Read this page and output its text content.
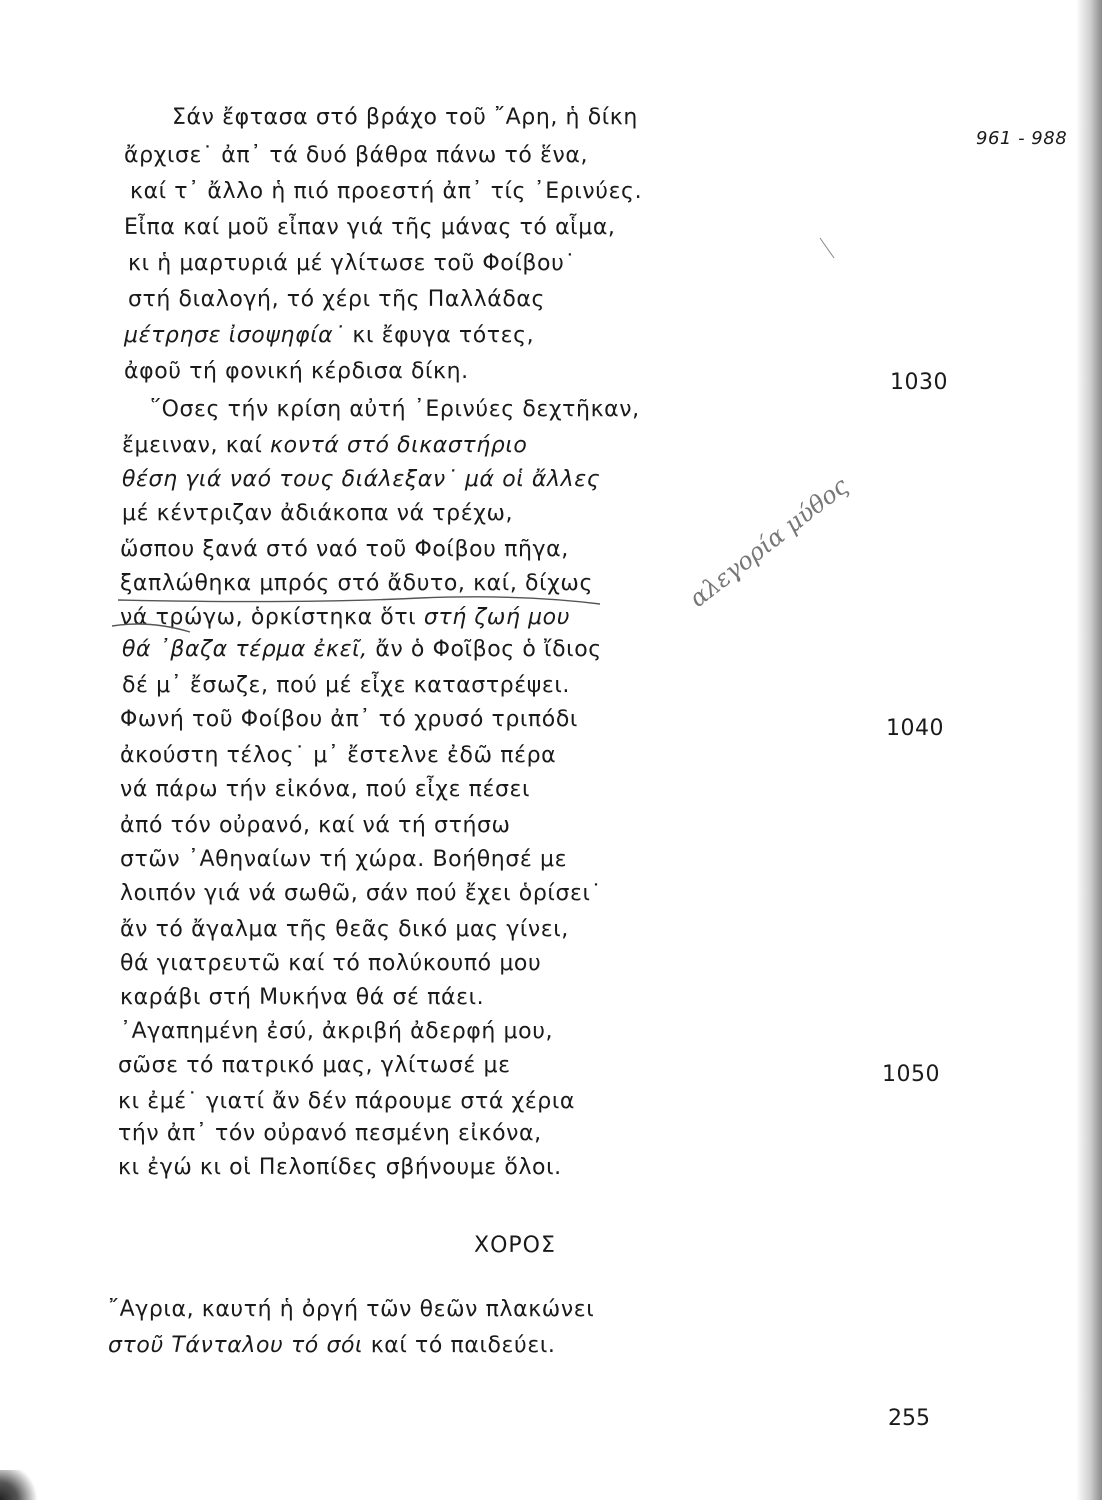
961 - 988
Σάν ἔφτασα στό βράχο τοῦ ῎Αρη, ἡ δίκη
ἄρχισε˙ ἀπ᾽ τά δυό βάθρα πάνω τό ἕνα,
καί τ᾽ ἄλλο ἡ πιό προεστή ἀπ᾽ τίς ᾽Ερινύες.
Εἶπα καί μοῦ εἶπαν γιά τῆς μάνας τό αἷμα,
κι ἡ μαρτυριά μέ γλίτωσε τοῦ Φοίβου˙
στή διαλογή, τό χέρι τῆς Παλλάδας
μέτρησε ἰσοψηφία˙ κι ἔφυγα τότες,
ἀφοῦ τή φονική κέρδισα δίκη.
῞Οσες τήν κρίση αὐτή ᾽Ερινύες δεχτῆκαν,
ἔμειναν, καί κοντά στό δικαστήριο
θέση γιά ναό τους διάλεξαν˙ μά οἱ ἄλλες
μέ κέντριζαν ἀδιάκοπα νά τρέχω,
ὥσπου ξανά στό ναό τοῦ Φοίβου πῆγα,
ξαπλώθηκα μπρός στό ἄδυτο, καί, δίχως
νά τρώγω, ὁρκίστηκα ὅτι στή ζωή μου
θά ᾽βαζα τέρμα ἐκεῖ, ἄν ὁ Φοῖβος ὁ ἴδιος
δέ μ᾽ ἔσωζε, πού μέ εἶχε καταστρέψει.
Φωνή τοῦ Φοίβου ἀπ᾽ τό χρυσό τριπόδι
ἀκούστη τέλος˙ μ᾽ ἔστελνε ἐδῶ πέρα
νά πάρω τήν εἰκόνα, πού εἶχε πέσει
ἀπό τόν οὐρανό, καί νά τή στήσω
στῶν ᾽Αθηναίων τή χώρα. Βοήθησέ με
λοιπόν γιά νά σωθῶ, σάν πού ἔχει ὁρίσει˙
ἄν τό ἄγαλμα τῆς θεᾶς δικό μας γίνει,
θά γιατρευτῶ καί τό πολύκουπό μου
καράβι στή Μυκήνα θά σέ πάει.
᾽Αγαπημένη ἐσύ, ἀκριβή ἀδερφή μου,
σῶσε τό πατρικό μας, γλίτωσέ με
κι ἐμέ˙ γιατί ἄν δέν πάρουμε στά χέρια
τήν ἀπ᾽ τόν οὐρανό πεσμένη εἰκόνα,
κι ἐγώ κι οἱ Πελοπίδες σβήνουμε ὅλοι.
1030
1040
1050
ΧΟΡΟΣ
῎Αγρια, καυτή ἡ ὀργή τῶν θεῶν πλακώνει
στοῦ Τάνταλου τό σόι καί τό παιδεύει.
αλεγορία μύθος
255
